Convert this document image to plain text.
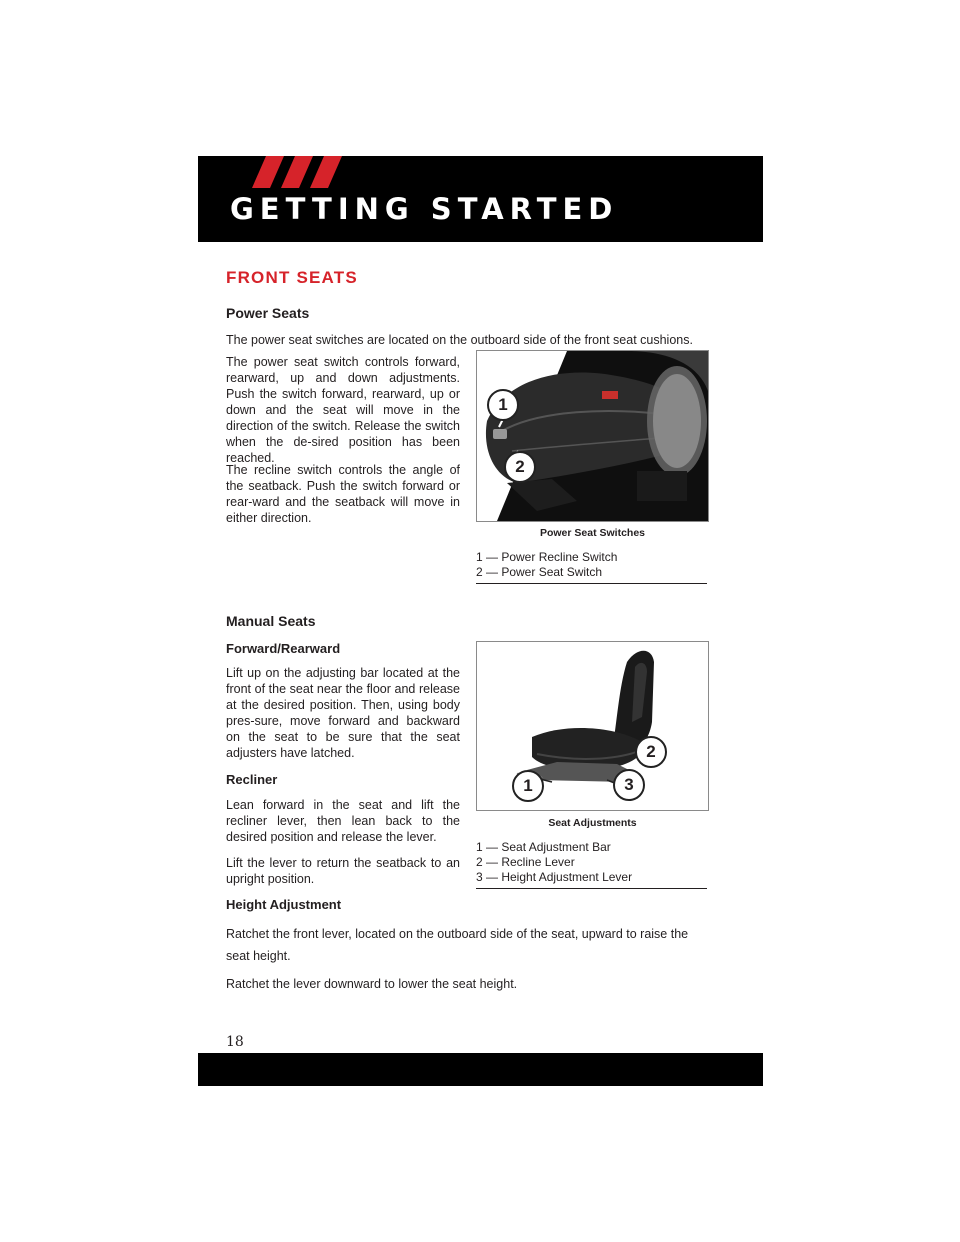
GETTING STARTED
FRONT SEATS
Power Seats

The power seat switches are located on the outboard side of the front seat cushions.

The power seat switch controls forward, rearward, up and down adjustments. Push the switch forward, rearward, up or down and the seat will move in the direction of the switch. Release the switch when the de-sired position has been reached.

The recline switch controls the angle of the seatback. Push the switch forward or rear-ward and the seatback will move in either direction.

1
2

Power Seat Switches

1 — Power Recline Switch

2 — Power Seat Switch

Manual Seats
Forward/Rearward

Lift up on the adjusting bar located at the front of the seat near the floor and release at the desired position. Then, using body pres-sure, move forward and backward on the seat to be sure that the seat adjusters have latched.

Recliner

Lean forward in the seat and lift the recliner lever, then lean back to the desired position and release the lever.

Lift the lever to return the seatback to an upright position.

1
2
3

Seat Adjustments

1 — Seat Adjustment Bar

2 — Recline Lever

3 — Height Adjustment Lever

Height Adjustment

Ratchet the front lever, located on the outboard side of the seat, upward to raise the seat height.

Ratchet the lever downward to lower the seat height.

18
